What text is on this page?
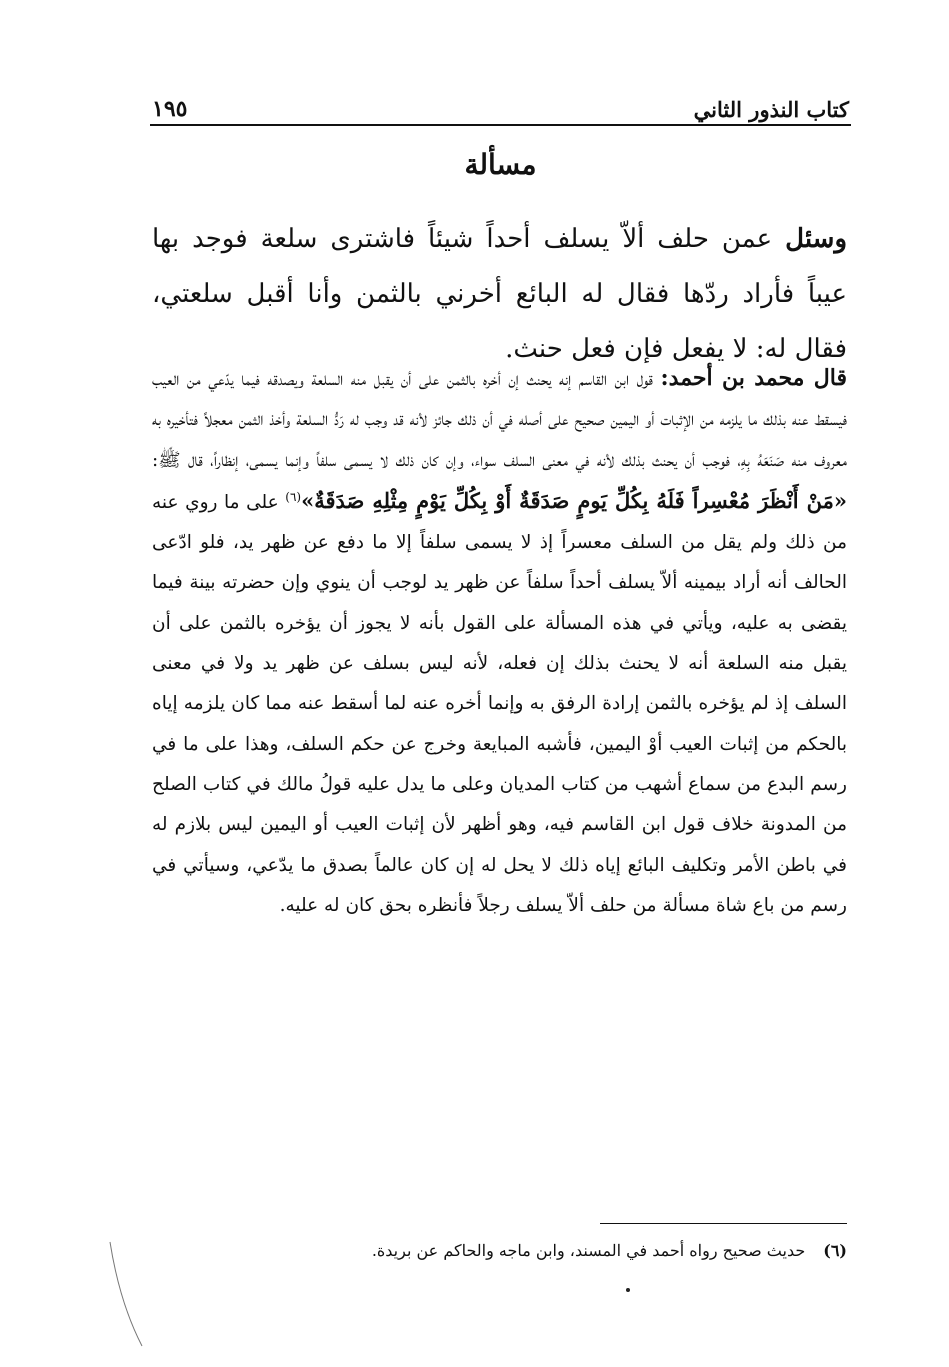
كتاب النذور الثاني
١٩٥
مسألة

وسئل عمن حلف ألاّ يسلف أحداً شيئاً فاشترى سلعة فوجد بها عيباً فأراد ردّها فقال له البائع أخرني بالثمن وأنا أقبل سلعتي، فقال له: لا يفعل فإن فعل حنث.

قال محمد بن أحمد: قول ابن القاسم إنه يحنث إن أخره بالثمن على أن يقبل منه السلعة ويصدقه فيما يدّعي من العيب فيسقط عنه بذلك ما يلزمه من الإثبات أو اليمين صحيح على أصله في أن ذلك جائز لأنه قد وجب له رَدُّ السلعة وأخذ الثمن معجلاً فتأخيره به معروف منه صَنَعَهُ بِهِ، فوجب أن يحنث بذلك لأنه في معنى السلف سواء، وإن كان ذلك لا يسمى سلفاً وإنما يسمى، إنظاراً، قال ﷺ: «مَنْ أَنْظَرَ مُعْسِراً فَلَهُ بِكُلِّ يَومٍ صَدَقَةٌ أَوْ بِكُلِّ يَوْمٍ مِثْلِهِ صَدَقَةٌ»$^{(٦)}$ على ما روي عنه من ذلك ولم يقل من السلف معسراً إذ لا يسمى سلفاً إلا ما دفع عن ظهر يد، فلو ادّعى الحالف أنه أراد بيمينه ألاّ يسلف أحداً سلفاً عن ظهر يد لوجب أن ينوي وإن حضرته بينة فيما يقضى به عليه، ويأتي في هذه المسألة على القول بأنه لا يجوز أن يؤخره بالثمن على أن يقبل منه السلعة أنه لا يحنث بذلك إن فعله، لأنه ليس بسلف عن ظهر يد ولا في معنى السلف إذ لم يؤخره بالثمن إرادة الرفق به وإنما أخره عنه لما أسقط عنه مما كان يلزمه إياه بالحكم من إثبات العيب أوْ اليمين، فأشبه المبايعة وخرج عن حكم السلف، وهذا على ما في رسم البدع من سماع أشهب من كتاب المديان وعلى ما يدل عليه قولُ مالك في كتاب الصلح من المدونة خلاف قول ابن القاسم فيه، وهو أظهر لأن إثبات العيب أو اليمين ليس بلازم له في باطن الأمر وتكليف البائع إياه ذلك لا يحل له إن كان عالماً بصدق ما يدّعي، وسيأتي في رسم من باع شاة مسألة من حلف ألاّ يسلف رجلاً فأنظره بحق كان له عليه.

(٦)حديث صحيح رواه أحمد في المسند، وابن ماجه والحاكم عن بريدة.
